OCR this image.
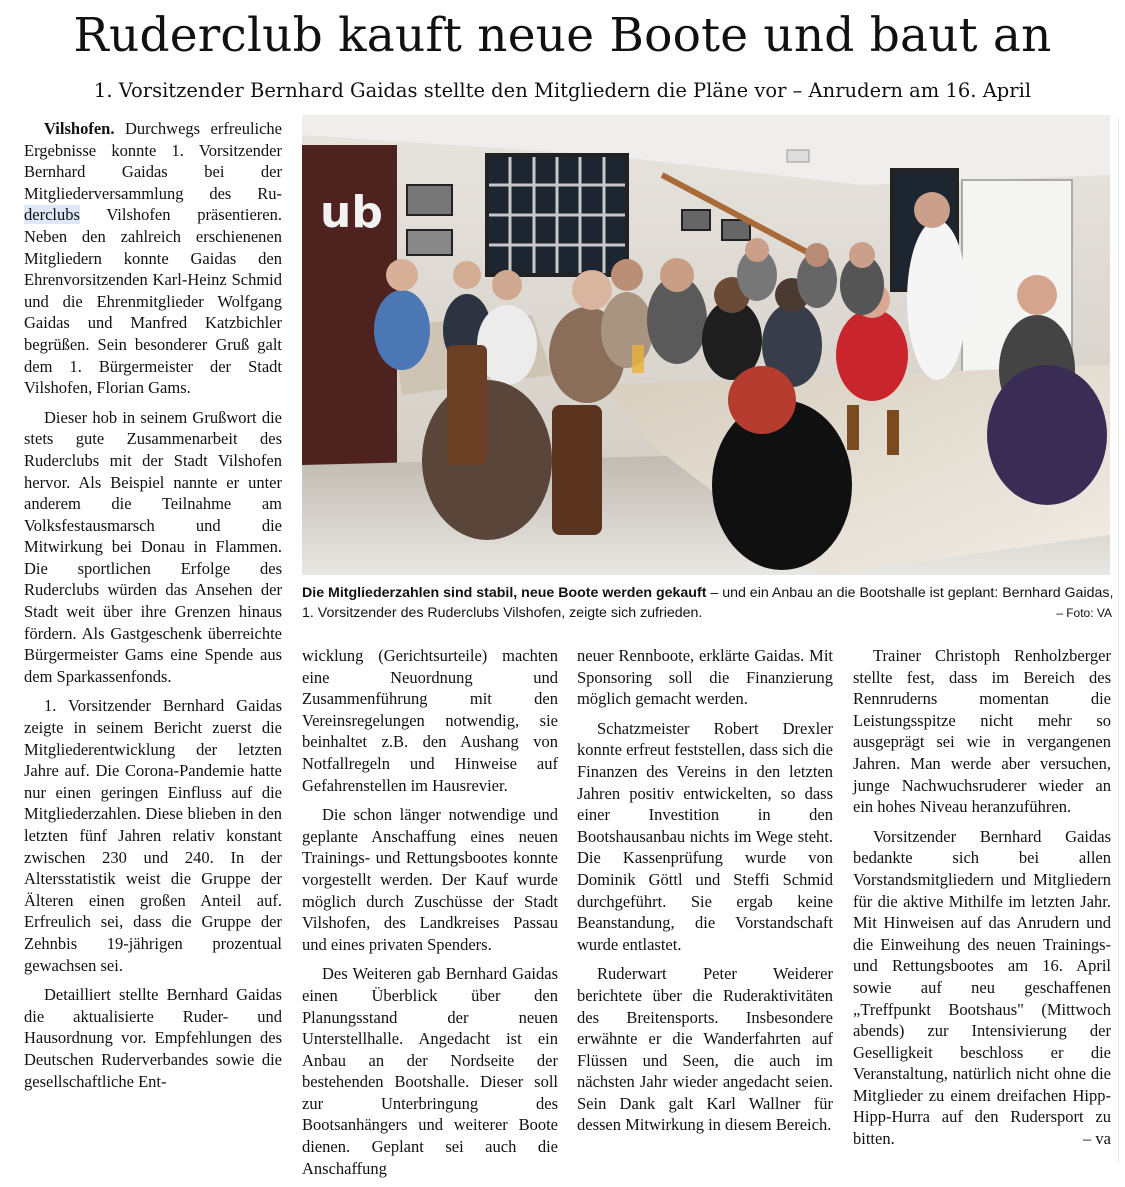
Ruderclub kauft neue Boote und baut an
1. Vorsitzender Bernhard Gaidas stellte den Mitgliedern die Pläne vor – Anrudern am 16. April

Vilshofen. Durchwegs erfreuliche Ergebnisse konnte 1. Vorsitzender Bernhard Gaidas bei der Mitgliederversammlung des Ru-derclubs Vilshofen präsentieren. Neben den zahlreich erschienenen Mitgliedern konnte Gaidas den Ehrenvorsitzenden Karl-Heinz Schmid und die Ehrenmitglieder Wolfgang Gaidas und Manfred Katzbichler begrüßen. Sein besonderer Gruß galt dem 1. Bürgermeister der Stadt Vilshofen, Florian Gams.

Dieser hob in seinem Grußwort die stets gute Zusammenarbeit des Ruderclubs mit der Stadt Vilshofen hervor. Als Beispiel nannte er unter anderem die Teilnahme am Volksfestausmarsch und die Mitwirkung bei Donau in Flammen. Die sportlichen Erfolge des Ruderclubs würden das Ansehen der Stadt weit über ihre Grenzen hinaus fördern. Als Gastgeschenk überreichte Bürgermeister Gams eine Spende aus dem Sparkassenfonds.

1. Vorsitzender Bernhard Gaidas zeigte in seinem Bericht zuerst die Mitgliederentwicklung der letzten Jahre auf. Die Corona-Pandemie hatte nur einen geringen Einfluss auf die Mitgliederzahlen. Diese blieben in den letzten fünf Jahren relativ konstant zwischen 230 und 240. In der Altersstatistik weist die Gruppe der Älteren einen großen Anteil auf. Erfreulich sei, dass die Gruppe der Zehnbis 19-jährigen prozentual gewachsen sei.

Detailliert stellte Bernhard Gaidas die aktualisierte Ruder- und Hausordnung vor. Empfehlungen des Deutschen Ruderverbandes sowie die gesellschaftliche Ent-

ub
Die Mitgliederzahlen sind stabil, neue Boote werden gekauft – und ein Anbau an die Bootshalle ist geplant: Bernhard Gaidas, 1. Vorsitzender des Ruderclubs Vilshofen, zeigte sich zufrieden.	– Foto: VA

wicklung (Gerichtsurteile) machten eine Neuordnung und Zusammenführung mit den Vereinsregelungen notwendig, sie beinhaltet z.B. den Aushang von Notfallregeln und Hinweise auf Gefahrenstellen im Hausrevier.

Die schon länger notwendige und geplante Anschaffung eines neuen Trainings- und Rettungsbootes konnte vorgestellt werden. Der Kauf wurde möglich durch Zuschüsse der Stadt Vilshofen, des Landkreises Passau und eines privaten Spenders.

Des Weiteren gab Bernhard Gaidas einen Überblick über den Planungsstand der neuen Unterstellhalle. Angedacht ist ein Anbau an der Nordseite der bestehenden Bootshalle. Dieser soll zur Unterbringung des Bootsanhängers und weiterer Boote dienen. Geplant sei auch die Anschaffung

neuer Rennboote, erklärte Gaidas. Mit Sponsoring soll die Finanzierung möglich gemacht werden.

Schatzmeister Robert Drexler konnte erfreut feststellen, dass sich die Finanzen des Vereins in den letzten Jahren positiv entwickelten, so dass einer Investition in den Bootshausanbau nichts im Wege steht. Die Kassenprüfung wurde von Dominik Göttl und Steffi Schmid durchgeführt. Sie ergab keine Beanstandung, die Vorstandschaft wurde entlastet.

Ruderwart Peter Weiderer berichtete über die Ruderaktivitäten des Breitensports. Insbesondere erwähnte er die Wanderfahrten auf Flüssen und Seen, die auch im nächsten Jahr wieder angedacht seien. Sein Dank galt Karl Wallner für dessen Mitwirkung in diesem Bereich.

Trainer Christoph Renholzberger stellte fest, dass im Bereich des Rennruderns momentan die Leistungsspitze nicht mehr so ausgeprägt sei wie in vergangenen Jahren. Man werde aber versuchen, junge Nachwuchsruderer wieder an ein hohes Niveau heranzuführen.

Vorsitzender Bernhard Gaidas bedankte sich bei allen Vorstandsmitgliedern und Mitgliedern für die aktive Mithilfe im letzten Jahr. Mit Hinweisen auf das Anrudern und die Einweihung des neuen Trainings- und Rettungsbootes am 16. April sowie auf neu geschaffenen „Treffpunkt Bootshaus" (Mittwoch abends) zur Intensivierung der Geselligkeit beschloss er die Veranstaltung, natürlich nicht ohne die Mitglieder zu einem dreifachen Hipp-Hipp-Hurra auf den Rudersport zu bitten.	– va
